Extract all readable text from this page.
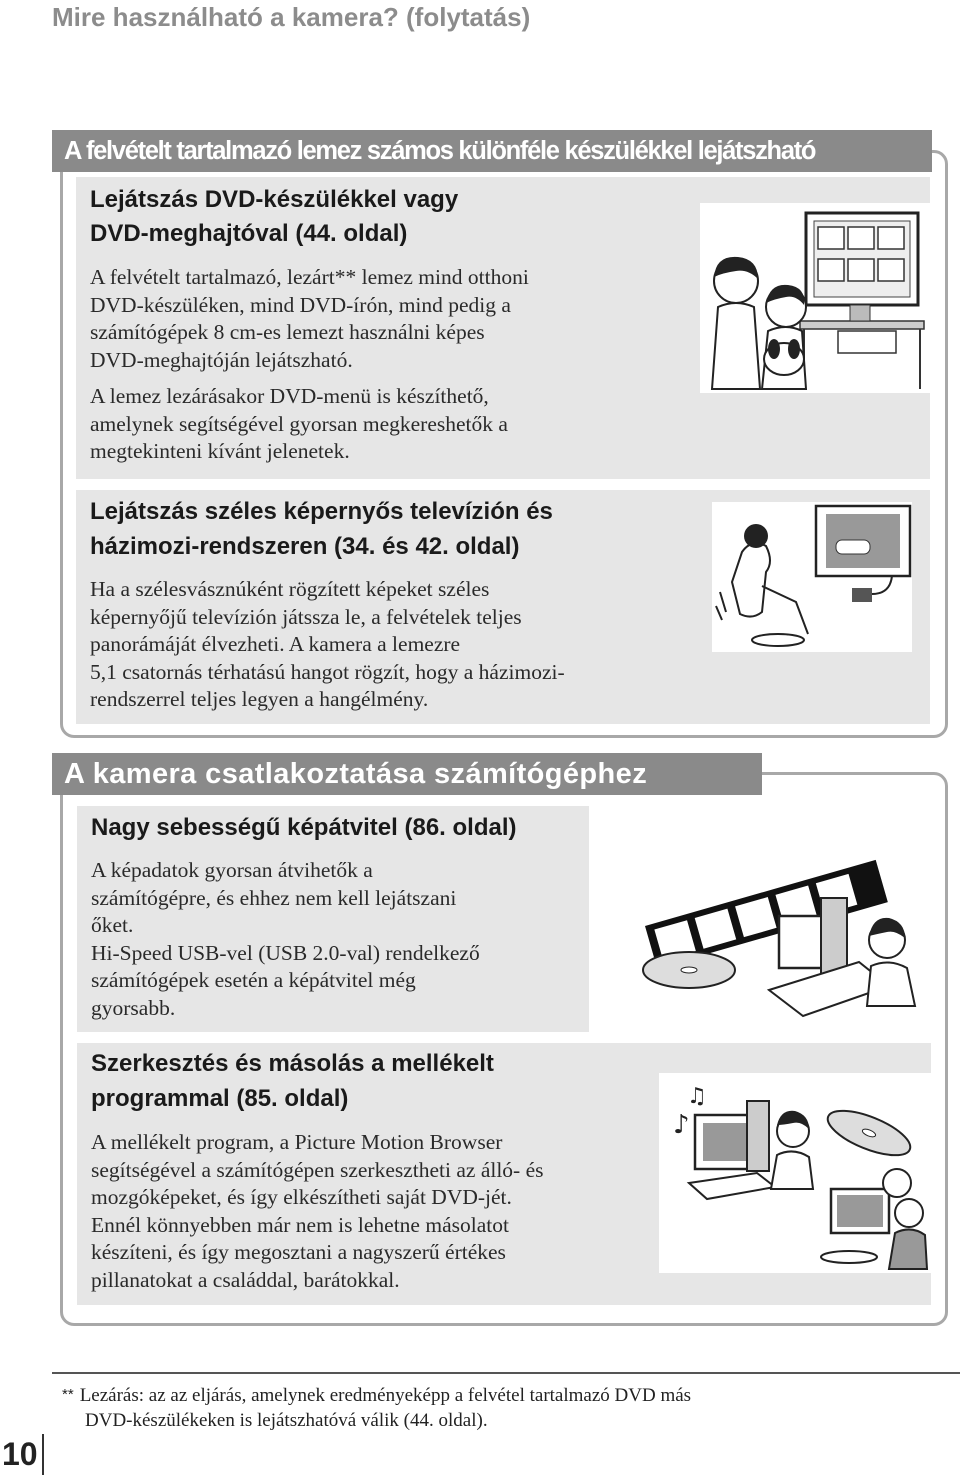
Mire használható a kamera? (folytatás)
A felvételt tartalmazó lemez számos különféle készülékkel lejátszható
Lejátszás DVD-készülékkel vagy
DVD-meghajtóval (44. oldal)

A felvételt tartalmazó, lezárt** lemez mind otthoni

DVD-készüléken, mind DVD-írón, mind pedig a

számítógépek 8 cm-es lemezt használni képes

DVD-meghajtóján lejátszható.

A lemez lezárásakor DVD-menü is készíthető,

amelynek segítségével gyorsan megkereshetők a

megtekinteni kívánt jelenetek.

Lejátszás széles képernyős televízión és
házimozi-rendszeren (34. és 42. oldal)

Ha a szélesvásznúként rögzített képeket széles

képernyőjű televízión játssza le, a felvételek teljes

panorámáját élvezheti. A kamera a lemezre

5,1 csatornás térhatású hangot rögzít, hogy a házimozi-

rendszerrel teljes legyen a hangélmény.

A kamera csatlakoztatása számítógéphez
Nagy sebességű képátvitel (86. oldal)

A képadatok gyorsan átvihetők a

számítógépre, és ehhez nem kell lejátszani

őket.

Hi-Speed USB-vel (USB 2.0-val) rendelkező

számítógépek esetén a képátvitel még

gyorsabb.

Szerkesztés és másolás a mellékelt
programmal (85. oldal)

A mellékelt program, a Picture Motion Browser

segítségével a számítógépen szerkesztheti az álló- és

mozgóképeket, és így elkészítheti saját DVD-jét.

Ennél könnyebben már nem is lehetne másolatot

készíteni, és így megosztani a nagyszerű értékes

pillanatokat a családdal, barátokkal.

♪
♫
** Lezárás: az az eljárás, amelynek eredményeképp a felvétel tartalmazó DVD más
DVD-készülékeken is lejátszhatóvá válik (44. oldal).
10
